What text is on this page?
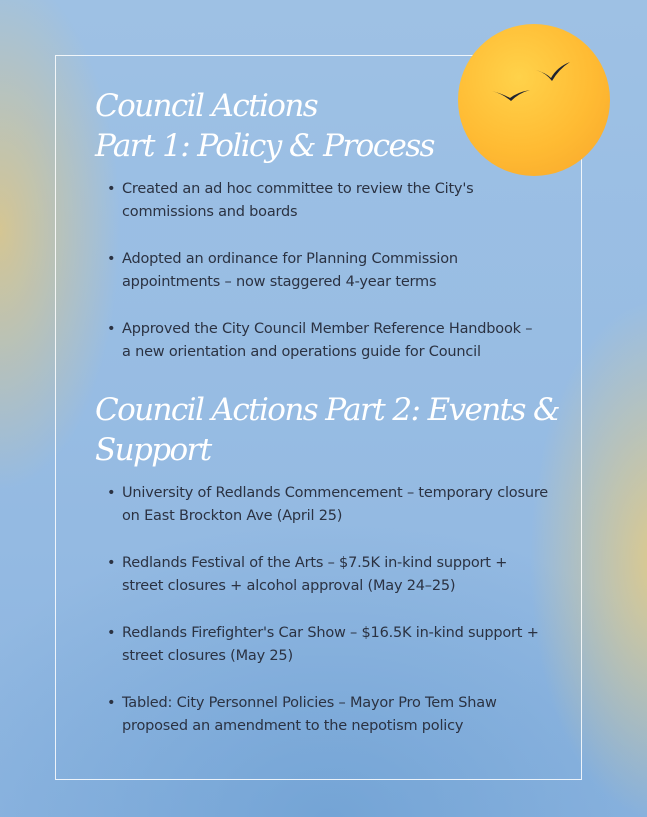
Council Actions
Part 1: Policy & Process
• Created an ad hoc committee to review the City's
commissions and boards
• Adopted an ordinance for Planning Commission
appointments – now staggered 4-year terms
• Approved the City Council Member Reference Handbook –
a new orientation and operations guide for Council
Council Actions Part 2: Events &
Support
• University of Redlands Commencement – temporary closure
on East Brockton Ave (April 25)
• Redlands Festival of the Arts – $7.5K in-kind support +
street closures + alcohol approval (May 24–25)
• Redlands Firefighter's Car Show – $16.5K in-kind support +
street closures (May 25)
• Tabled: City Personnel Policies – Mayor Pro Tem Shaw
proposed an amendment to the nepotism policy
